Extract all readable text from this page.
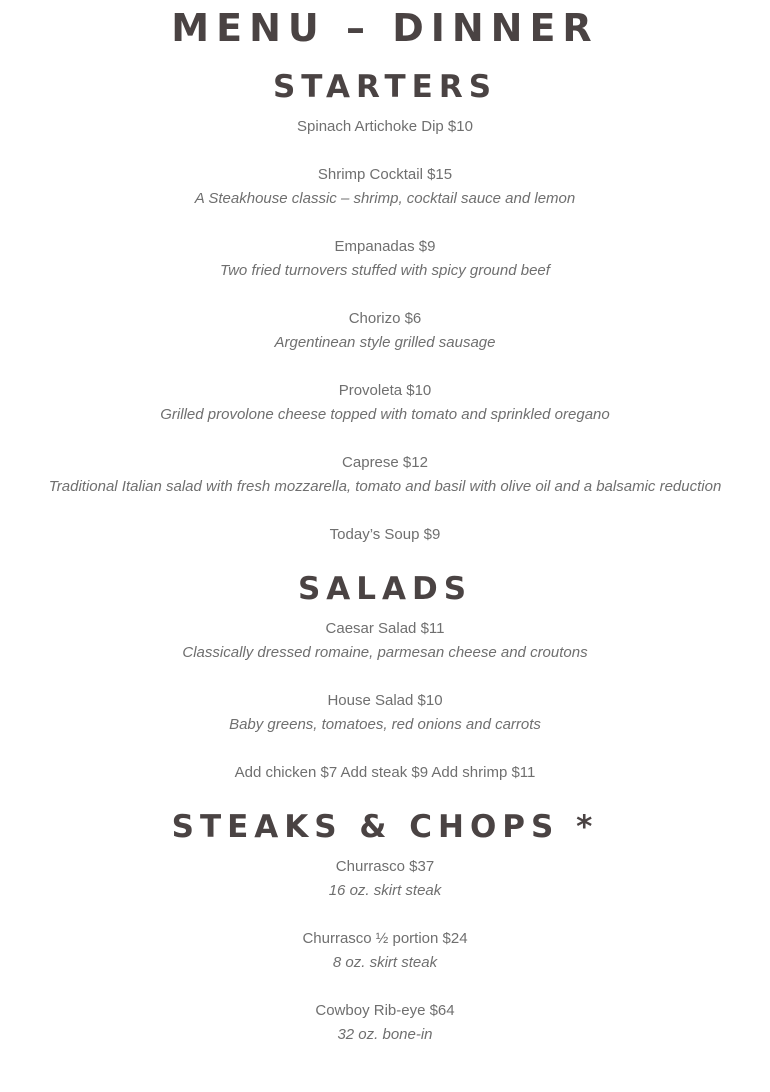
MENU – DINNER
STARTERS
Spinach Artichoke Dip $10
Shrimp Cocktail $15
A Steakhouse classic – shrimp, cocktail sauce and lemon
Empanadas $9
Two fried turnovers stuffed with spicy ground beef
Chorizo $6
Argentinean style grilled sausage
Provoleta $10
Grilled provolone cheese topped with tomato and sprinkled oregano
Caprese $12
Traditional Italian salad with fresh mozzarella, tomato and basil with olive oil and a balsamic reduction
Today’s Soup $9
SALADS
Caesar Salad $11
Classically dressed romaine, parmesan cheese and croutons
House Salad $10
Baby greens, tomatoes, red onions and carrots
Add chicken $7 Add steak $9 Add shrimp $11
STEAKS & CHOPS *
Churrasco $37
16 oz. skirt steak
Churrasco ½ portion $24
8 oz. skirt steak
Cowboy Rib-eye $64
32 oz. bone-in
